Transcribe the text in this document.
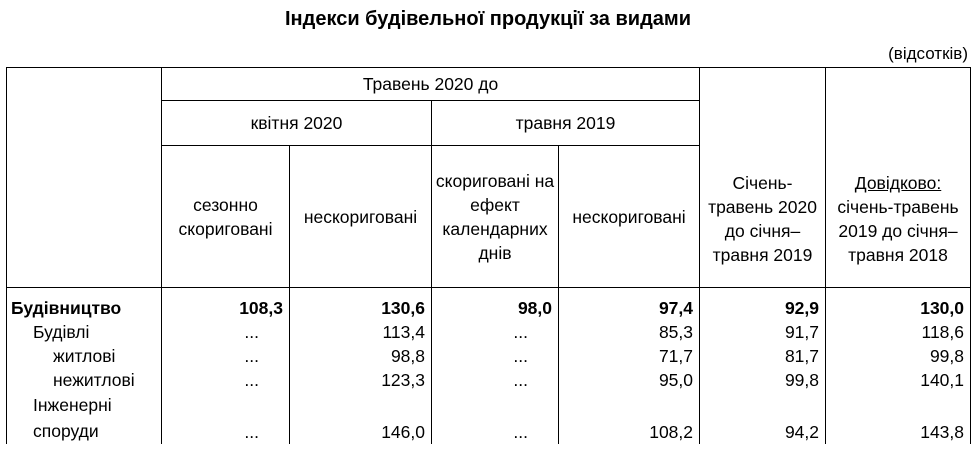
Індекси будівельної продукції за видами
(відсотків)
	Травень 2020 до				Січень-травень 2020 до січня–травня 2019	Довідково: січень-травень 2019 до січня–травня 2018
	квітня 2020		травня 2019			
	сезонно скориговані	нескориговані	скориговані на ефект календарних днів	нескориговані		
Будівництво	108,3	130,6	98,0	97,4	92,9	130,0
Будівлі	...	113,4	...	85,3	91,7	118,6
житлові	...	98,8	...	71,7	81,7	99,8
нежитлові	...	123,3	...	95,0	99,8	140,1
Інженерні споруди	...	146,0	...	108,2	94,2	143,8
